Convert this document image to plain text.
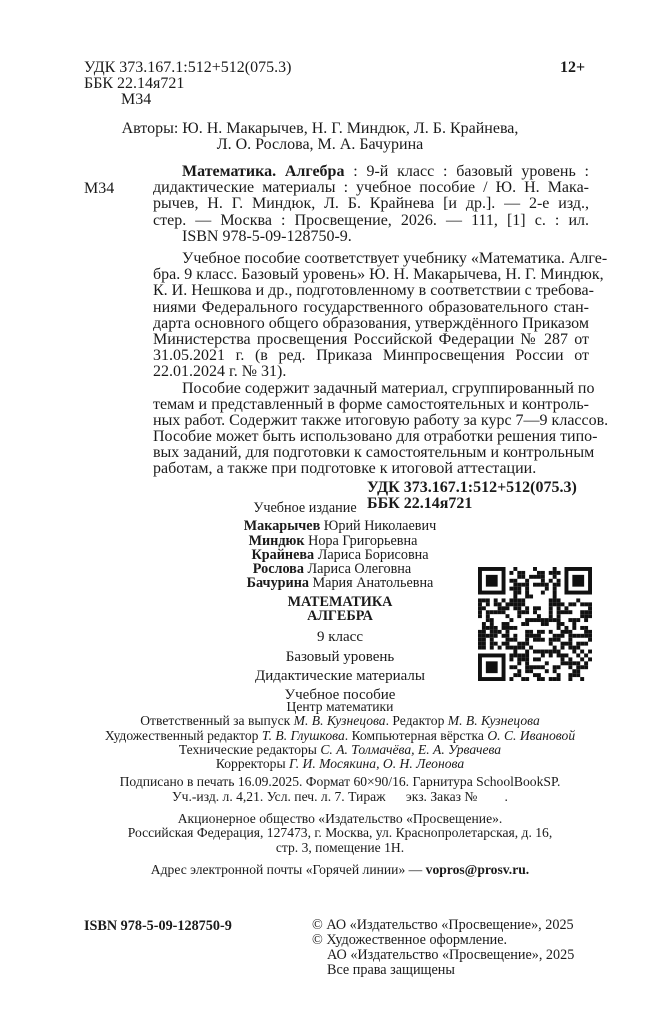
УДК 373.167.1:512+512(075.3)
ББК 22.14я721
М34
12+
Авторы: Ю. Н. Макарычев, Н. Г. Миндюк, Л. Б. Крайнева,
Л. О. Рослова, М. А. Бачурина
М34
Математика. Алгебра : 9-й класс : базовый уровень :
дидактические материалы : учебное пособие / Ю. Н. Мака-
рычев, Н. Г. Миндюк, Л. Б. Крайнева [и др.]. — 2-е изд.,
стер. — Москва : Просвещение, 2026. — 111, [1] с. : ил.
ISBN 978-5-09-128750-9.
Учебное пособие соответствует учебнику «Математика. Алге-
бра. 9 класс. Базовый уровень» Ю. Н. Макарычева, Н. Г. Миндюк,
К. И. Нешкова и др., подготовленному в соответствии с требова-
ниями Федерального государственного образовательного стан-
дарта основного общего образования, утверждённого Приказом
Министерства просвещения Российской Федерации № 287 от
31.05.2021 г. (в ред. Приказа Минпросвещения России от
22.01.2024 г. № 31).
Пособие содержит задачный материал, сгруппированный по
темам и представленный в форме самостоятельных и контроль-
ных работ. Содержит также итоговую работу за курс 7—9 классов.
Пособие может быть использовано для отработки решения типо-
вых заданий, для подготовки к самостоятельным и контрольным
работам, а также при подготовке к итоговой аттестации.
УДК 373.167.1:512+512(075.3)
ББК 22.14я721
Учебное издание
Макарычев Юрий Николаевич
Миндюк Нора Григорьевна
Крайнева Лариса Борисовна
Рослова Лариса Олеговна
Бачурина Мария Анатольевна
МАТЕМАТИКА
АЛГЕБРА
9 класс
Базовый уровень
Дидактические материалы
Учебное пособие
Центр математики
Ответственный за выпуск М. В. Кузнецова. Редактор М. В. Кузнецова
Художественный редактор Т. В. Глушкова. Компьютерная вёрстка О. С. Ивановой
Технические редакторы С. А. Толмачёва, Е. А. Урвачева
Корректоры Г. И. Мосякина, О. Н. Леонова
Подписано в печать 16.09.2025. Формат 60×90/16. Гарнитура SchoolBookSP.
Уч.-изд. л. 4,21. Усл. печ. л. 7. Тираж      экз. Заказ №        .
Акционерное общество «Издательство «Просвещение».
Российская Федерация, 127473, г. Москва, ул. Краснопролетарская, д. 16,
стр. 3, помещение 1Н.
Адрес электронной почты «Горячей линии» — vopros@prosv.ru.
ISBN 978-5-09-128750-9	© АО «Издательство «Просвещение», 2025
© Художественное оформление.
АО «Издательство «Просвещение», 2025
Все права защищены
